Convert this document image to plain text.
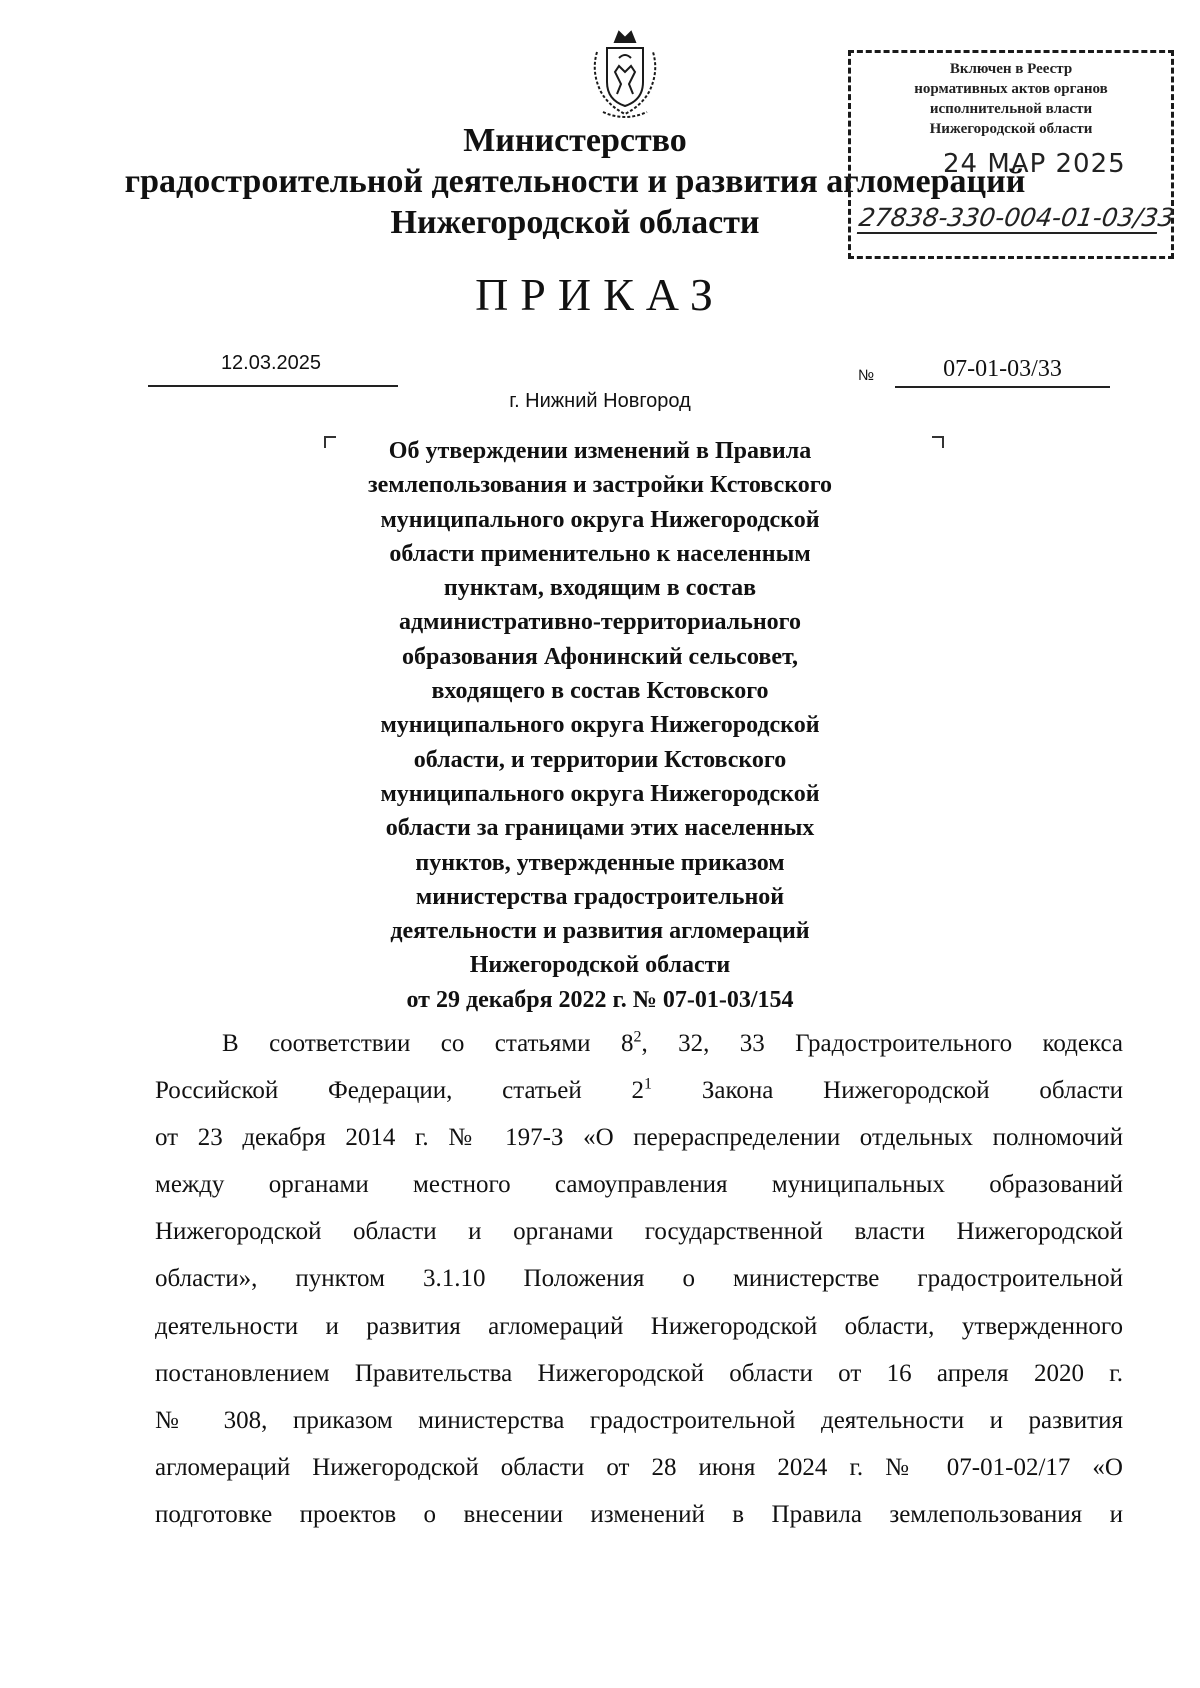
Министерство
градостроительной деятельности и развития агломераций
Нижегородской области
Включен в Реестр
нормативных актов органов
исполнительной власти
Нижегородской области
24 МАР 2025
27838-330-004-01-03/33
ПРИКАЗ
12.03.2025
№	07-01-03/33
г. Нижний Новгород
Об утверждении изменений в Правила
землепользования и застройки Кстовского
муниципального округа Нижегородской
области применительно к населенным
пунктам, входящим в состав
административно-территориального
образования Афонинский сельсовет,
входящего в состав Кстовского
муниципального округа Нижегородской
области, и территории Кстовского
муниципального округа Нижегородской
области за границами этих населенных
пунктов, утвержденные приказом
министерства градостроительной
деятельности и развития агломераций
Нижегородской области
от 29 декабря 2022 г. № 07-01-03/154
В соответствии со статьями $8^2$, 32, 33 Градостроительного кодекса
Российской Федерации, статьей $2^1$ Закона Нижегородской области
от 23 декабря 2014 г. № 197-З «О перераспределении отдельных полномочий
между органами местного самоуправления муниципальных образований
Нижегородской области и органами государственной власти Нижегородской
области», пунктом 3.1.10 Положения о министерстве градостроительной
деятельности и развития агломераций Нижегородской области, утвержденного
постановлением Правительства Нижегородской области от 16 апреля 2020 г.
№ 308, приказом министерства градостроительной деятельности и развития
агломераций Нижегородской области от 28 июня 2024 г. № 07-01-02/17 «О
подготовке проектов о внесении изменений в Правила землепользования и
